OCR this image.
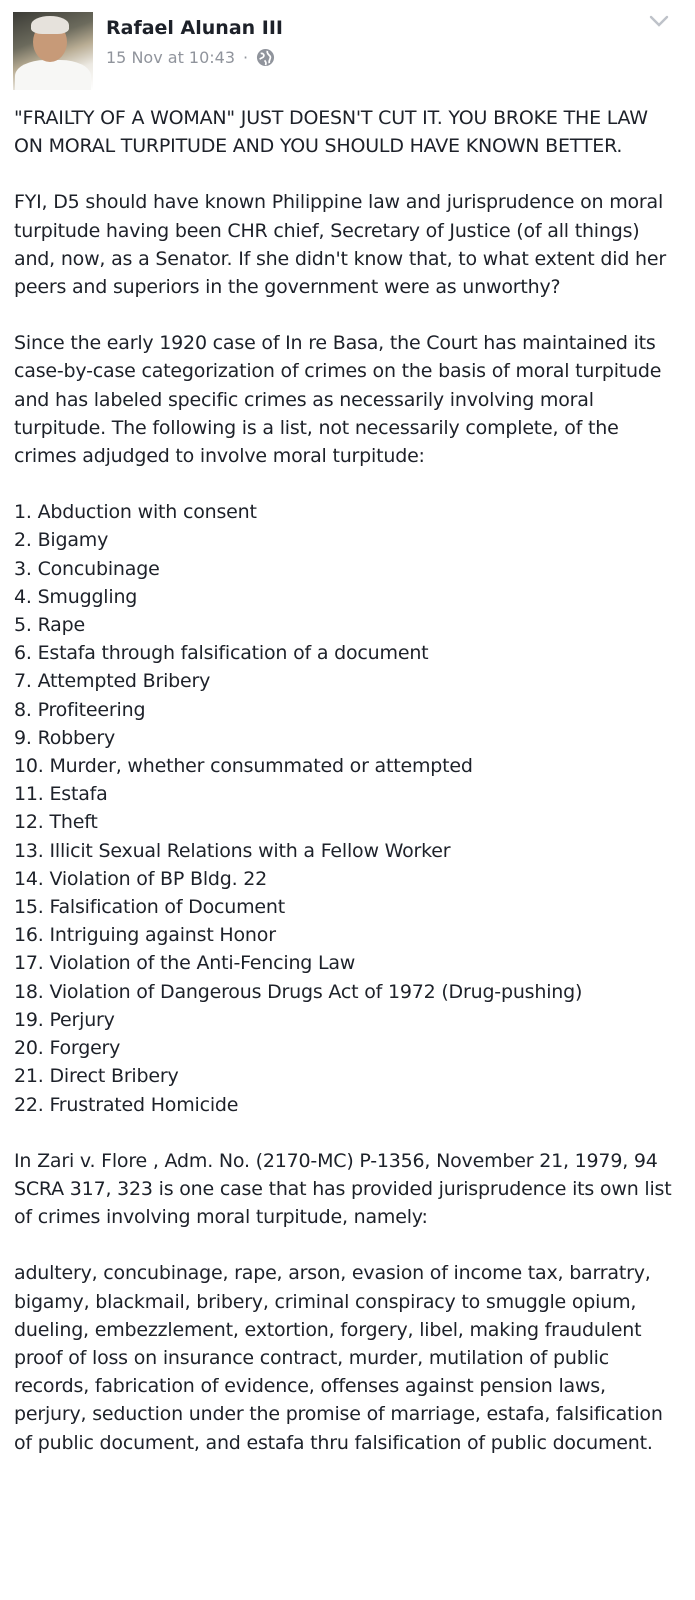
Rafael Alunan III
15 Nov at 10:43 ·

"FRAILTY OF A WOMAN" JUST DOESN'T CUT IT. YOU BROKE THE LAW ON MORAL TURPITUDE AND YOU SHOULD HAVE KNOWN BETTER.

FYI, D5 should have known Philippine law and jurisprudence on moral turpitude having been CHR chief, Secretary of Justice (of all things) and, now, as a Senator. If she didn't know that, to what extent did her peers and superiors in the government were as unworthy?

Since the early 1920 case of In re Basa, the Court has maintained its case-by-case categorization of crimes on the basis of moral turpitude and has labeled specific crimes as necessarily involving moral turpitude. The following is a list, not necessarily complete, of the crimes adjudged to involve moral turpitude:

1. Abduction with consent
2. Bigamy
3. Concubinage
4. Smuggling
5. Rape
6. Estafa through falsification of a document
7. Attempted Bribery
8. Profiteering
9. Robbery
10. Murder, whether consummated or attempted
11. Estafa
12. Theft
13. Illicit Sexual Relations with a Fellow Worker
14. Violation of BP Bldg. 22
15. Falsification of Document
16. Intriguing against Honor
17. Violation of the Anti-Fencing Law
18. Violation of Dangerous Drugs Act of 1972 (Drug-pushing)
19. Perjury
20. Forgery
21. Direct Bribery
22. Frustrated Homicide

In Zari v. Flore , Adm. No. (2170-MC) P-1356, November 21, 1979, 94 SCRA 317, 323 is one case that has provided jurisprudence its own list of crimes involving moral turpitude, namely:

adultery, concubinage, rape, arson, evasion of income tax, barratry, bigamy, blackmail, bribery, criminal conspiracy to smuggle opium, dueling, embezzlement, extortion, forgery, libel, making fraudulent proof of loss on insurance contract, murder, mutilation of public records, fabrication of evidence, offenses against pension laws, perjury, seduction under the promise of marriage, estafa, falsification of public document, and estafa thru falsification of public document.
